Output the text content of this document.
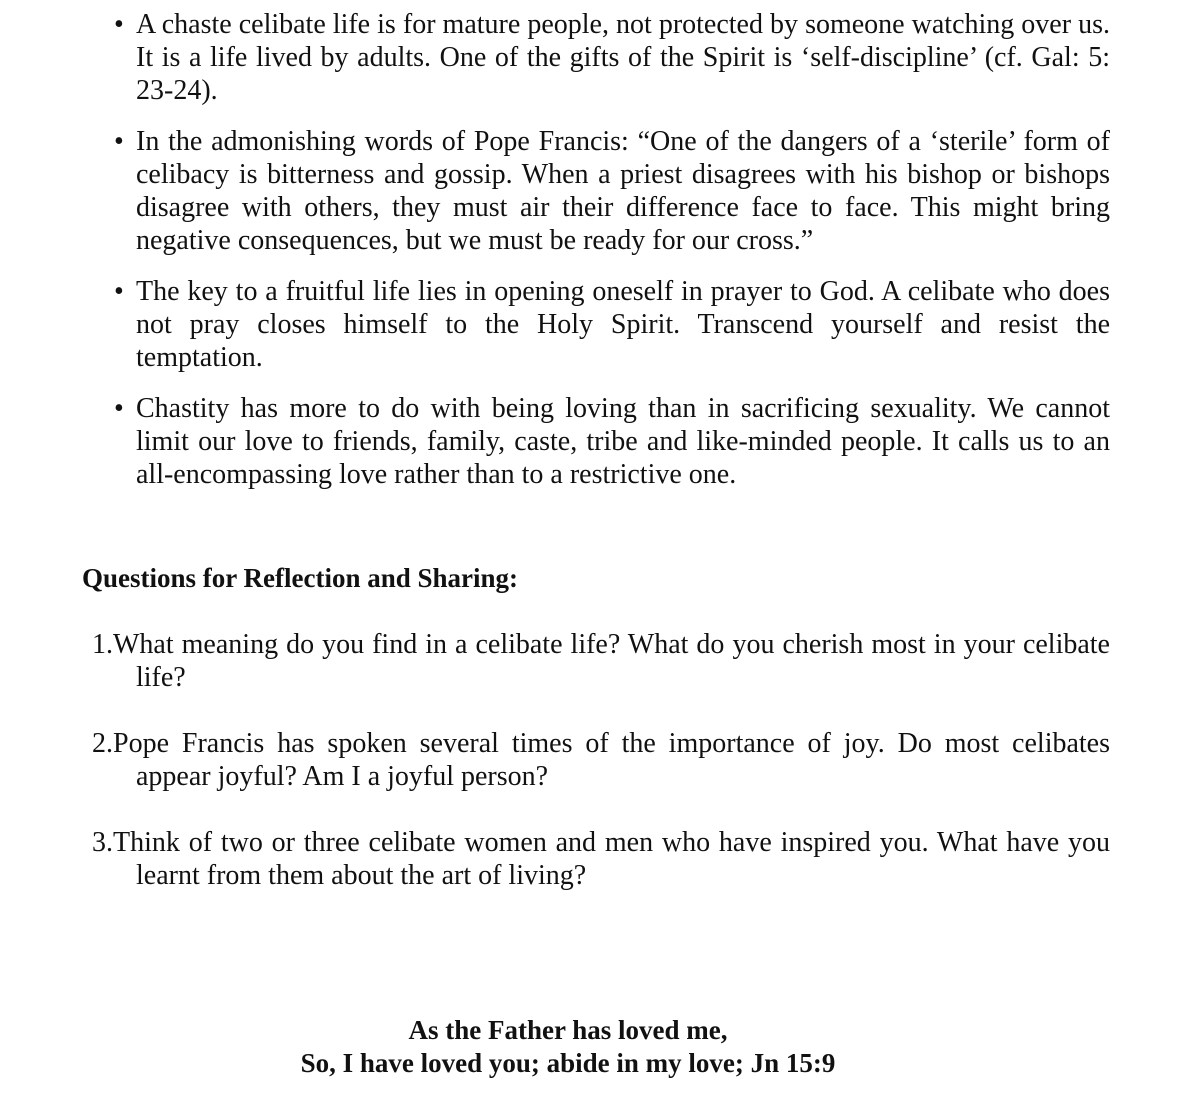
• A chaste celibate life is for mature people, not protected by someone watching over us. It is a life lived by adults. One of the gifts of the Spirit is ‘self-discipline’ (cf. Gal: 5: 23-24).
• In the admonishing words of Pope Francis: “One of the dangers of a ‘sterile’ form of celibacy is bitterness and gossip. When a priest disagrees with his bishop or bishops disagree with others, they must air their difference face to face. This might bring negative consequences, but we must be ready for our cross.”
• The key to a fruitful life lies in opening oneself in prayer to God. A celibate who does not pray closes himself to the Holy Spirit. Transcend yourself and resist the temptation.
• Chastity has more to do with being loving than in sacrificing sexuality. We cannot limit our love to friends, family, caste, tribe and like-minded people. It calls us to an all-encompassing love rather than to a restrictive one.
Questions for Reflection and Sharing:
1.What meaning do you find in a celibate life? What do you cherish most in your celibate life?
2.Pope Francis has spoken several times of the importance of joy. Do most celibates appear joyful? Am I a joyful person?
3.Think of two or three celibate women and men who have inspired you. What have you learnt from them about the art of living?
As the Father has loved me,
So, I have loved you; abide in my love; Jn 15:9
